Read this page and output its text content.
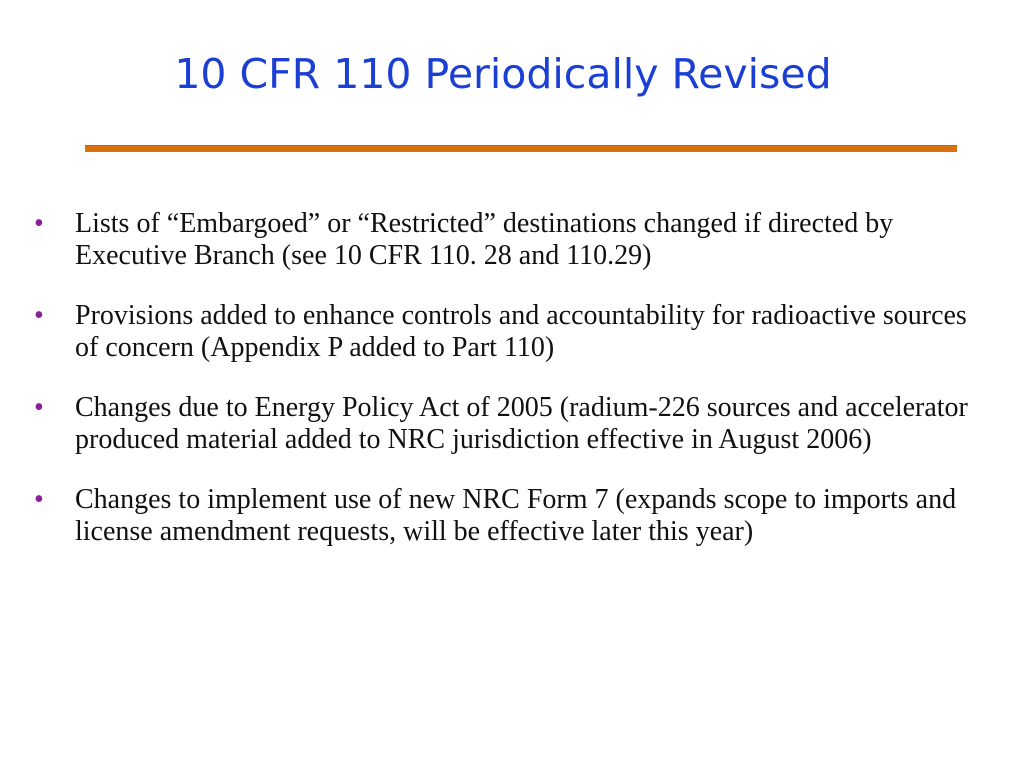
10 CFR 110 Periodically Revised
• Lists of “Embargoed” or “Restricted” destinations changed if directed by Executive Branch (see 10 CFR 110. 28 and 110.29)
• Provisions added to enhance controls and accountability for radioactive sources of concern (Appendix P added to Part 110)
• Changes due to Energy Policy Act of 2005 (radium-226 sources and accelerator produced material added to NRC jurisdiction effective in August 2006)
• Changes to implement use of new NRC Form 7 (expands scope to imports and license amendment requests, will be effective later this year)
